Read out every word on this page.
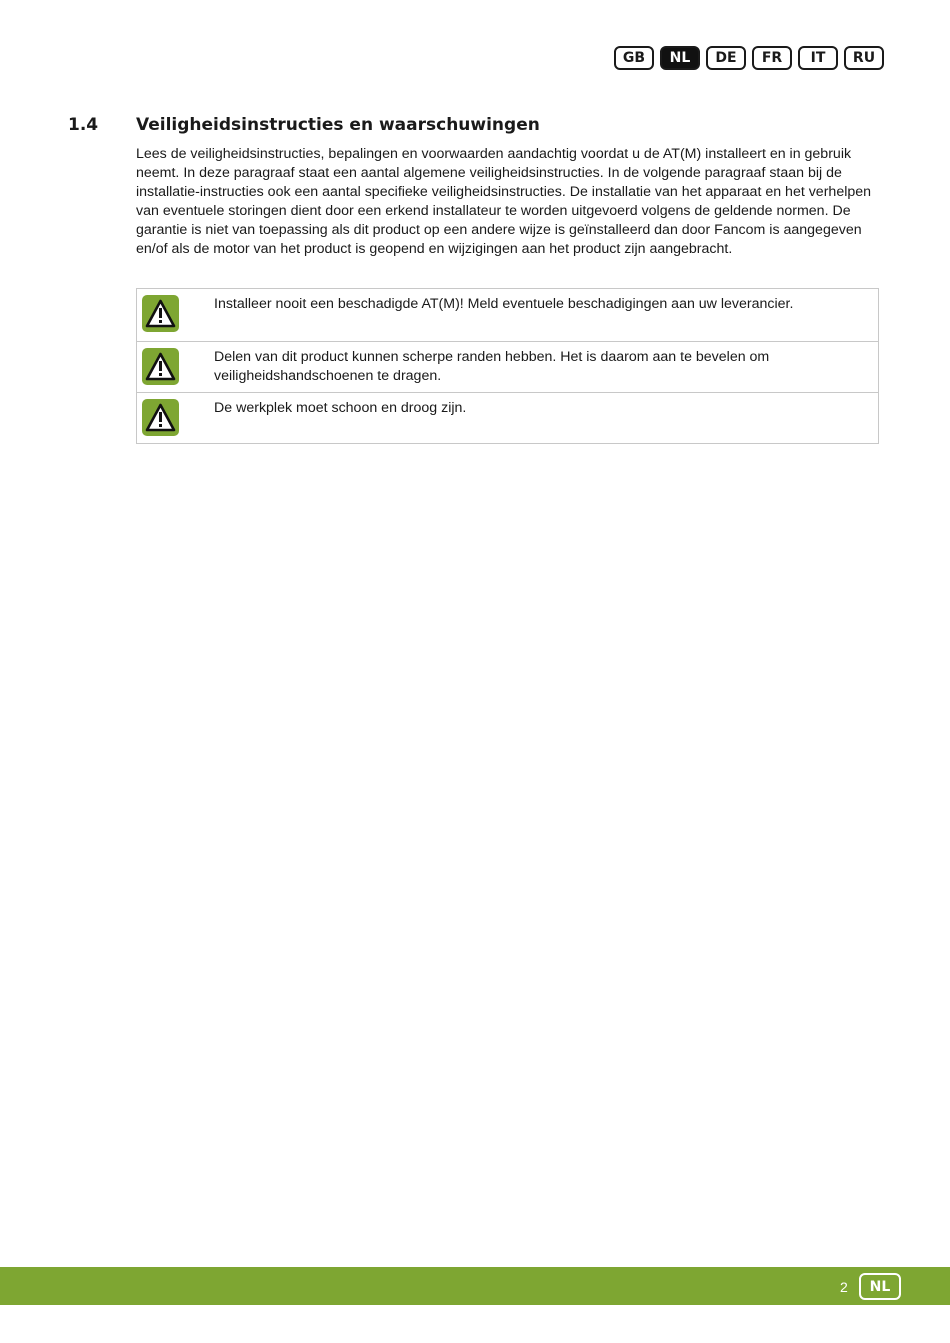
GB	NL	DE	FR	IT	RU
1.4 Veiligheidsinstructies en waarschuwingen

Lees de veiligheidsinstructies, bepalingen en voorwaarden aandachtig voordat u de AT(M) installeert en in gebruik neemt. In deze paragraaf staat een aantal algemene veiligheidsinstructies. In de volgende paragraaf staan bij de installatie-instructies ook een aantal specifieke veiligheidsinstructies. De installatie van het apparaat en het verhelpen van eventuele storingen dient door een erkend installateur te worden uitgevoerd volgens de geldende normen. De garantie is niet van toepassing als dit product op een andere wijze is geïnstalleerd dan door Fancom is aangegeven en/of als de motor van het product is geopend en wijzigingen aan het product zijn aangebracht.

Installeer nooit een beschadigde AT(M)! Meld eventuele beschadigingen aan uw leverancier.
Delen van dit product kunnen scherpe randen hebben. Het is daarom aan te bevelen om veiligheidshandschoenen te dragen.
De werkplek moet schoon en droog zijn.
2	NL
